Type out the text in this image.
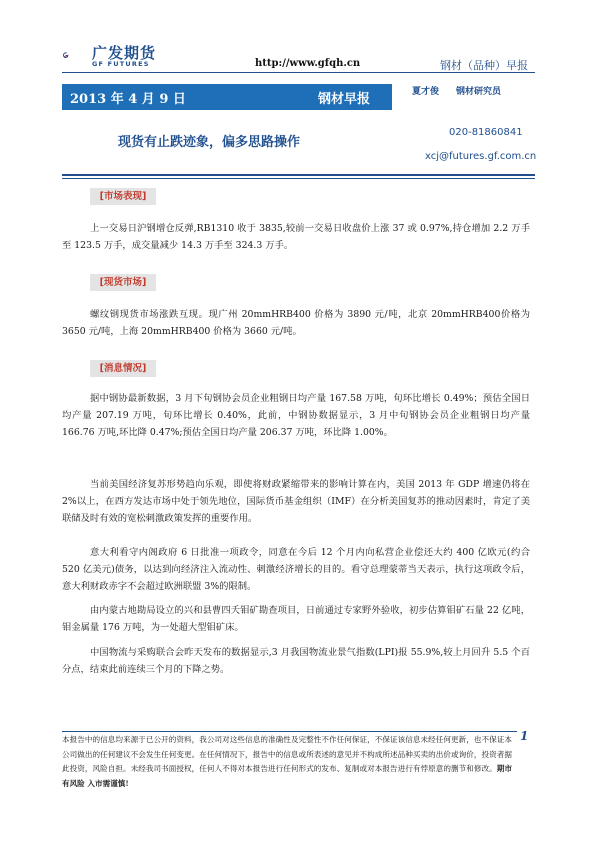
广发期货
GF FUTURES	http://www.gfqh.cn	钢材（品种）早报
2013 年 4 月 9 日	钢材早报	夏才俊 钢材研究员
现货有止跌迹象，偏多思路操作
020-81860841
xcj@futures.gf.com.cn
[市场表现]

上一交易日沪钢增仓反弹,RB1310 收于 3835,较前一交易日收盘价上涨 37 或 0.97%,持仓增加 2.2 万手至 123.5 万手，成交量减少 14.3 万手至 324.3 万手。

[现货市场]

螺纹钢现货市场涨跌互现。现广州 20mmHRB400 价格为 3890 元/吨，北京 20mmHRB400价格为 3650 元/吨，上海 20mmHRB400 价格为 3660 元/吨。

[消息情况]

据中钢协最新数据，3 月下旬钢协会员企业粗钢日均产量 167.58 万吨，旬环比增长 0.49%；预估全国日均产量 207.19 万吨，旬环比增长 0.40%，此前，中钢协数据显示，3 月中旬钢协会员企业粗钢日均产量 166.76 万吨,环比降 0.47%;预估全国日均产量 206.37 万吨，环比降 1.00%。

当前美国经济复苏形势趋向乐观，即使将财政紧缩带来的影响计算在内，美国 2013 年 GDP 增速仍将在 2%以上，在西方发达市场中处于领先地位，国际货币基金组织（IMF）在分析美国复苏的推动因素时，肯定了美联储及时有效的宽松刺激政策发挥的重要作用。

意大利看守内阁政府 6 日批准一项政令，同意在今后 12 个月内向私营企业偿还大约 400 亿欧元(约合 520 亿美元)债务，以达到向经济注入流动性、刺激经济增长的目的。看守总理蒙蒂当天表示，执行这项政令后，意大利财政赤字不会超过欧洲联盟 3%的限制。

由内蒙古地勘局设立的兴和县曹四夭钼矿勘查项目，日前通过专家野外验收，初步估算钼矿石量 22 亿吨，钼金属量 176 万吨，为一处超大型钼矿床。

中国物流与采购联合会昨天发布的数据显示,3 月我国物流业景气指数(LPI)报 55.9%,较上月回升 5.5 个百分点，结束此前连续三个月的下降之势。

本报告中的信息均来源于已公开的资料，我公司对这些信息的准确性及完整性不作任何保证，不保证该信息未经任何更新，也不保证本公司做出的任何建议不会发生任何变更。在任何情况下，报告中的信息或所表述的意见并不构成所述品种买卖的出价或询价，投资者据此投资，风险自担。未经我司书面授权，任何人不得对本报告进行任何形式的发布、复制或对本报告进行有悖原意的删节和修改。期市有风险 入市需谨慎!

1
